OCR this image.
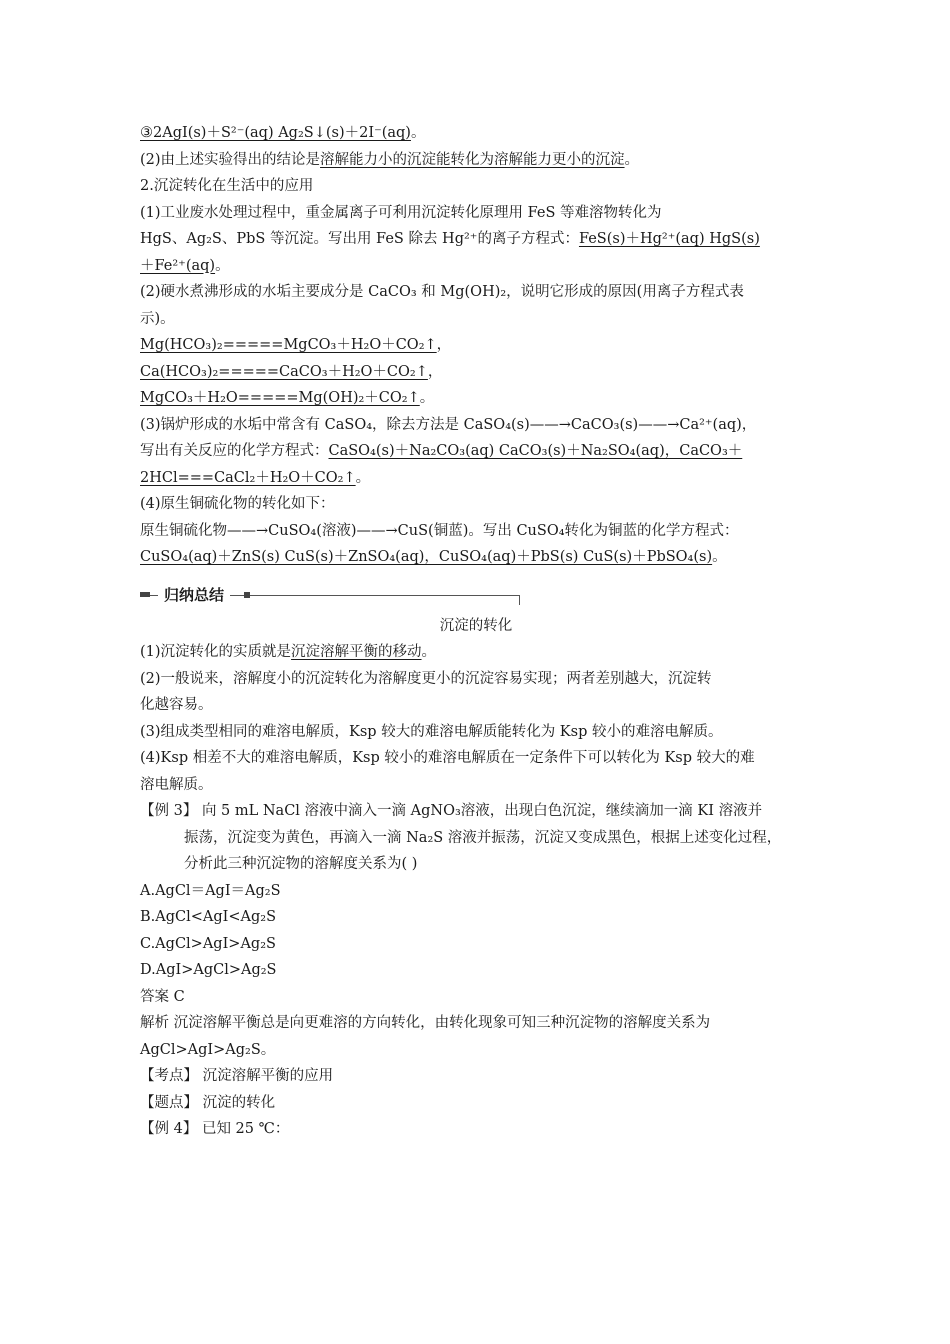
③2AgI(s)＋S²⁻(aq) Ag₂S↓(s)＋2I⁻(aq)。
(2)由上述实验得出的结论是溶解能力小的沉淀能转化为溶解能力更小的沉淀。
2.沉淀转化在生活中的应用
(1)工业废水处理过程中，重金属离子可利用沉淀转化原理用 FeS 等难溶物转化为
HgS、Ag₂S、PbS 等沉淀。写出用 FeS 除去 Hg²⁺的离子方程式：FeS(s)＋Hg²⁺(aq) HgS(s)
＋Fe²⁺(aq)。
(2)硬水煮沸形成的水垢主要成分是 CaCO₃ 和 Mg(OH)₂，说明它形成的原因(用离子方程式表
示)。
Mg(HCO₃)₂=====MgCO₃＋H₂O＋CO₂↑，
Ca(HCO₃)₂=====CaCO₃＋H₂O＋CO₂↑，
MgCO₃＋H₂O=====Mg(OH)₂＋CO₂↑。
(3)锅炉形成的水垢中常含有 CaSO₄，除去方法是 CaSO₄(s)——→CaCO₃(s)——→Ca²⁺(aq)，
写出有关反应的化学方程式：CaSO₄(s)＋Na₂CO₃(aq) CaCO₃(s)＋Na₂SO₄(aq)，CaCO₃＋
2HCl===CaCl₂＋H₂O＋CO₂↑。
(4)原生铜硫化物的转化如下：
原生铜硫化物——→CuSO₄(溶液)——→CuS(铜蓝)。写出 CuSO₄转化为铜蓝的化学方程式：
CuSO₄(aq)＋ZnS(s) CuS(s)＋ZnSO₄(aq)，CuSO₄(aq)＋PbS(s) CuS(s)＋PbSO₄(s)。
归纳总结
沉淀的转化
(1)沉淀转化的实质就是沉淀溶解平衡的移动。
(2)一般说来，溶解度小的沉淀转化为溶解度更小的沉淀容易实现；两者差别越大，沉淀转
化越容易。
(3)组成类型相同的难溶电解质，Ksp 较大的难溶电解质能转化为 Ksp 较小的难溶电解质。
(4)Ksp 相差不大的难溶电解质，Ksp 较小的难溶电解质在一定条件下可以转化为 Ksp 较大的难
溶电解质。
【例 3】 向 5 mL NaCl 溶液中滴入一滴 AgNO₃溶液，出现白色沉淀，继续滴加一滴 KI 溶液并
振荡，沉淀变为黄色，再滴入一滴 Na₂S 溶液并振荡，沉淀又变成黑色，根据上述变化过程，
分析此三种沉淀物的溶解度关系为( )
A.AgCl＝AgI＝Ag₂S
B.AgCl<AgI<Ag₂S
C.AgCl>AgI>Ag₂S
D.AgI>AgCl>Ag₂S
答案 C
解析 沉淀溶解平衡总是向更难溶的方向转化，由转化现象可知三种沉淀物的溶解度关系为
AgCl>AgI>Ag₂S。
【考点】 沉淀溶解平衡的应用
【题点】 沉淀的转化
【例 4】 已知 25 ℃：
